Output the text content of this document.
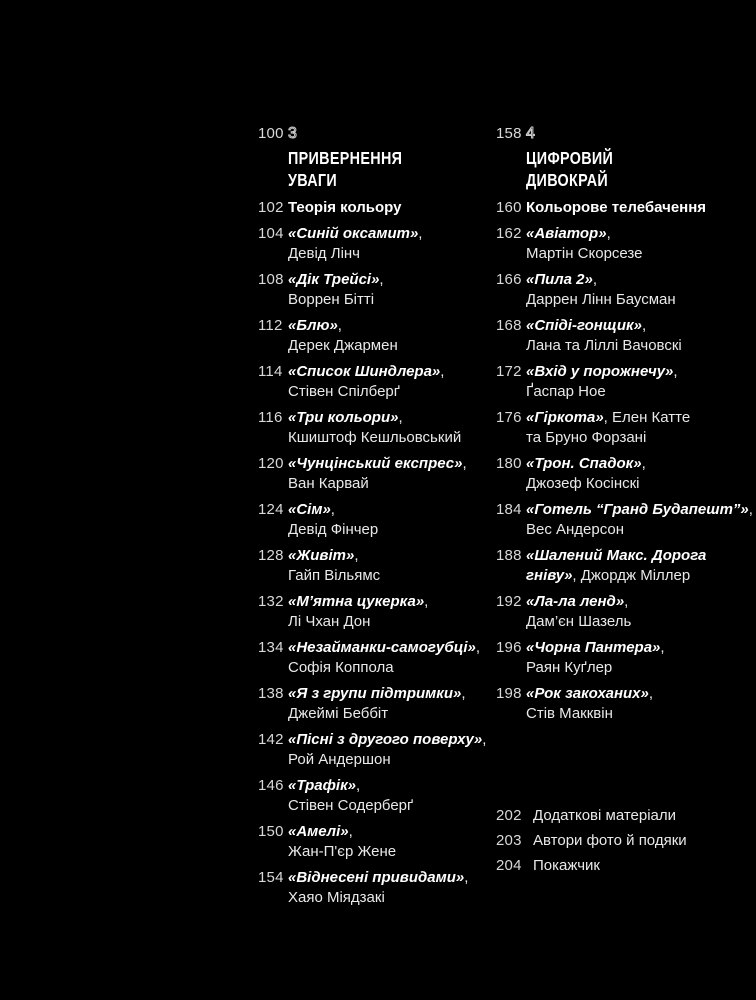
100 3
ПРИВЕРНЕННЯ
УВАГИ
102 Теорія кольору
104 «Синій оксамит»,
Девід Лінч
108 «Дік Трейсі»,
Воррен Бітті
112 «Блю»,
Дерек Джармен
114 «Список Шиндлера»,
Стівен Спілберґ
116 «Три кольори»,
Кшиштоф Кешльовський
120 «Чунцінський експрес»,
Ван Карвай
124 «Сім»,
Девід Фінчер
128 «Живіт»,
Гайп Вільямс
132 «М’ятна цукерка»,
Лі Чхан Дон
134 «Незайманки-самогубці»,
Софія Коппола
138 «Я з групи підтримки»,
Джеймі Беббіт
142 «Пісні з другого поверху»,
Рой Андершон
146 «Трафік»,
Стівен Содерберґ
150 «Амелі»,
Жан-П'єр Жене
154 «Віднесені привидами»,
Хаяо Міядзакі
158 4
ЦИФРОВИЙ
ДИВОКРАЙ
160 Кольорове телебачення
162 «Авіатор»,
Мартін Скорсезе
166 «Пила 2»,
Даррен Лінн Баусман
168 «Спіді-гонщик»,
Лана та Ліллі Вачовскі
172 «Вхід у порожнечу»,
Ґаспар Ное
176 «Гіркота», Елен Катте
та Бруно Форзані
180 «Трон. Спадок»,
Джозеф Косінскі
184 «Готель “Гранд Будапешт”»,
Вес Андерсон
188 «Шалений Макс. Дорога
гніву», Джордж Міллер
192 «Ла-ла ленд»,
Дам’єн Шазель
196 «Чорна Пантера»,
Раян Куґлер
198 «Рок закоханих»,
Стів Макквін
202 Додаткові матеріали
203 Автори фото й подяки
204 Покажчик
